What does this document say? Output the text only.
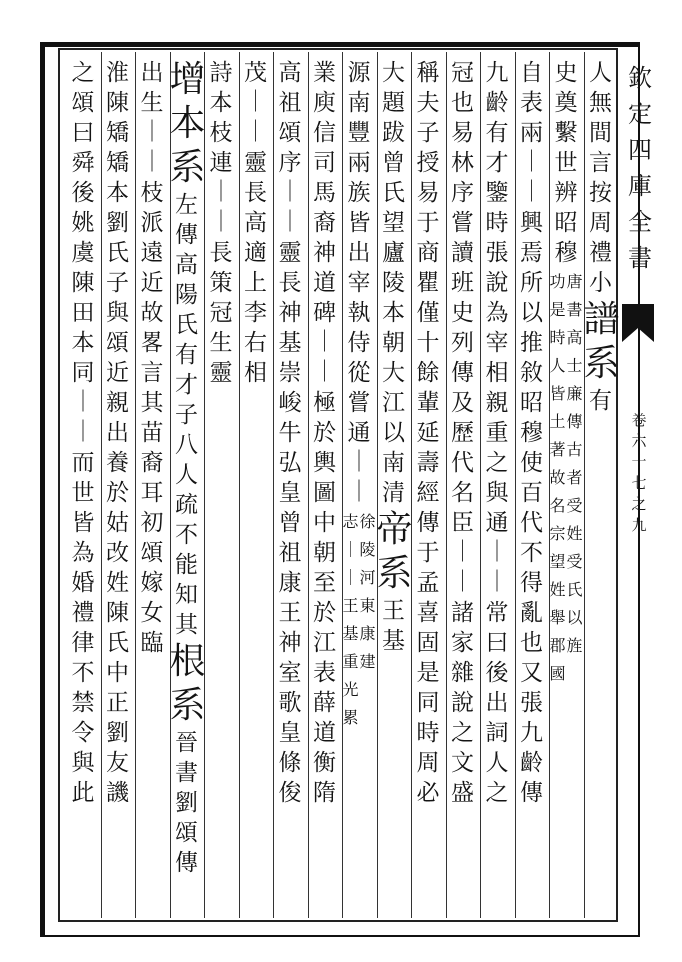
欽
定
四
庫
全
書
卷
六
十
七
之
九
人
無
間
言
按
周
禮
小
譜
系
有
史
奠
繫
世
辨
昭
穆
功
是
時
人
皆
土
著
故
名
宗
望
姓
舉
郡
國
唐
書
高
士
廉
傳
古
者
受
姓
受
氏
以
旌
自
表
兩
｜
｜
興
焉
所
以
推
敘
昭
穆
使
百
代
不
得
亂
也
又
張
九
齡
傳
九
齡
有
才
鑒
時
張
說
為
宰
相
親
重
之
與
通
｜
｜
常
曰
後
出
詞
人
之
冠
也
易
林
序
嘗
讀
班
史
列
傳
及
歷
代
名
臣
｜
｜
諸
家
雜
說
之
文
盛
稱
夫
子
授
易
于
商
瞿
僅
十
餘
輩
延
壽
經
傳
于
孟
喜
固
是
同
時
周
必
大
題
跋
曾
氏
望
廬
陵
本
朝
大
江
以
南
清
帝
系
王
基
源
南
豐
兩
族
皆
出
宰
執
侍
從
嘗
通
｜
｜
志
｜
｜
王
基
重
光
累
徐
陵
河
東
康
建
業
庾
信
司
馬
裔
神
道
碑
｜
｜
極
於
輿
圖
中
朝
至
於
江
表
薛
道
衡
隋
高
祖
頌
序
｜
｜
靈
長
神
基
崇
峻
牛
弘
皇
曾
祖
康
王
神
室
歌
皇
條
俊
茂
｜
｜
靈
長
高
適
上
李
右
相
詩
本
枝
連
｜
｜
長
策
冠
生
靈
增
本
系
左
傳
高
陽
氏
有
才
子
八
人
疏
不
能
知
其
根
系
晉
書
劉
頌
傳
出
生
｜
｜
枝
派
遠
近
故
畧
言
其
苗
裔
耳
初
頌
嫁
女
臨
淮
陳
矯
矯
本
劉
氏
子
與
頌
近
親
出
養
於
姑
改
姓
陳
氏
中
正
劉
友
譏
之
頌
曰
舜
後
姚
虞
陳
田
本
同
｜
｜
而
世
皆
為
婚
禮
律
不
禁
令
與
此
